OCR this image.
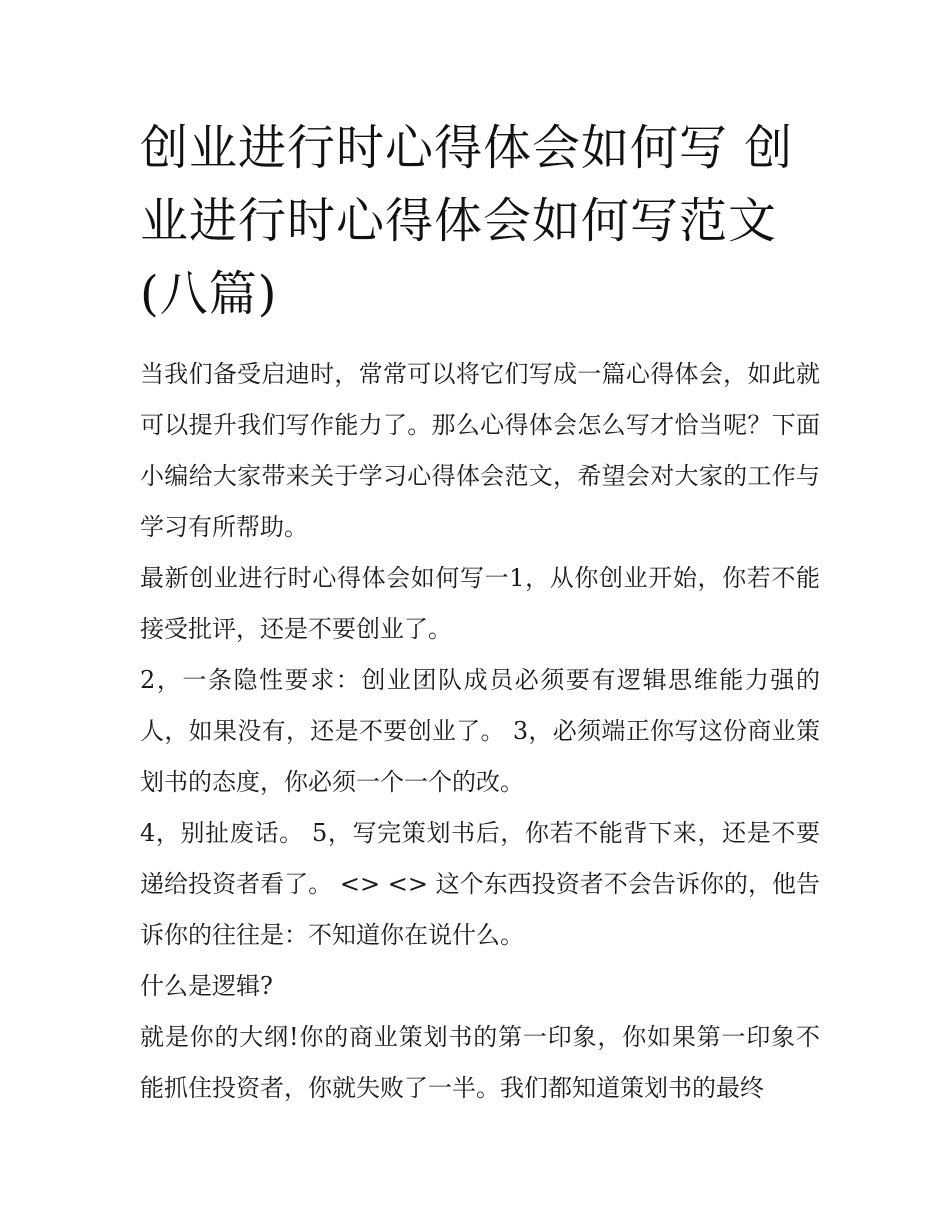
创业进行时心得体会如何写 创业进行时心得体会如何写范文(八篇)

当我们备受启迪时，常常可以将它们写成一篇心得体会，如此就可以提升我们写作能力了。那么心得体会怎么写才恰当呢？下面小编给大家带来关于学习心得体会范文，希望会对大家的工作与学习有所帮助。

最新创业进行时心得体会如何写一1，从你创业开始，你若不能接受批评，还是不要创业了。

2，一条隐性要求：创业团队成员必须要有逻辑思维能力强的人，如果没有，还是不要创业了。 3，必须端正你写这份商业策划书的态度，你必须一个一个的改。

4，别扯废话。 5，写完策划书后，你若不能背下来，还是不要递给投资者看了。 <> <> 这个东西投资者不会告诉你的，他告诉你的往往是：不知道你在说什么。

什么是逻辑?

就是你的大纲!你的商业策划书的第一印象，你如果第一印象不能抓住投资者，你就失败了一半。我们都知道策划书的最终
